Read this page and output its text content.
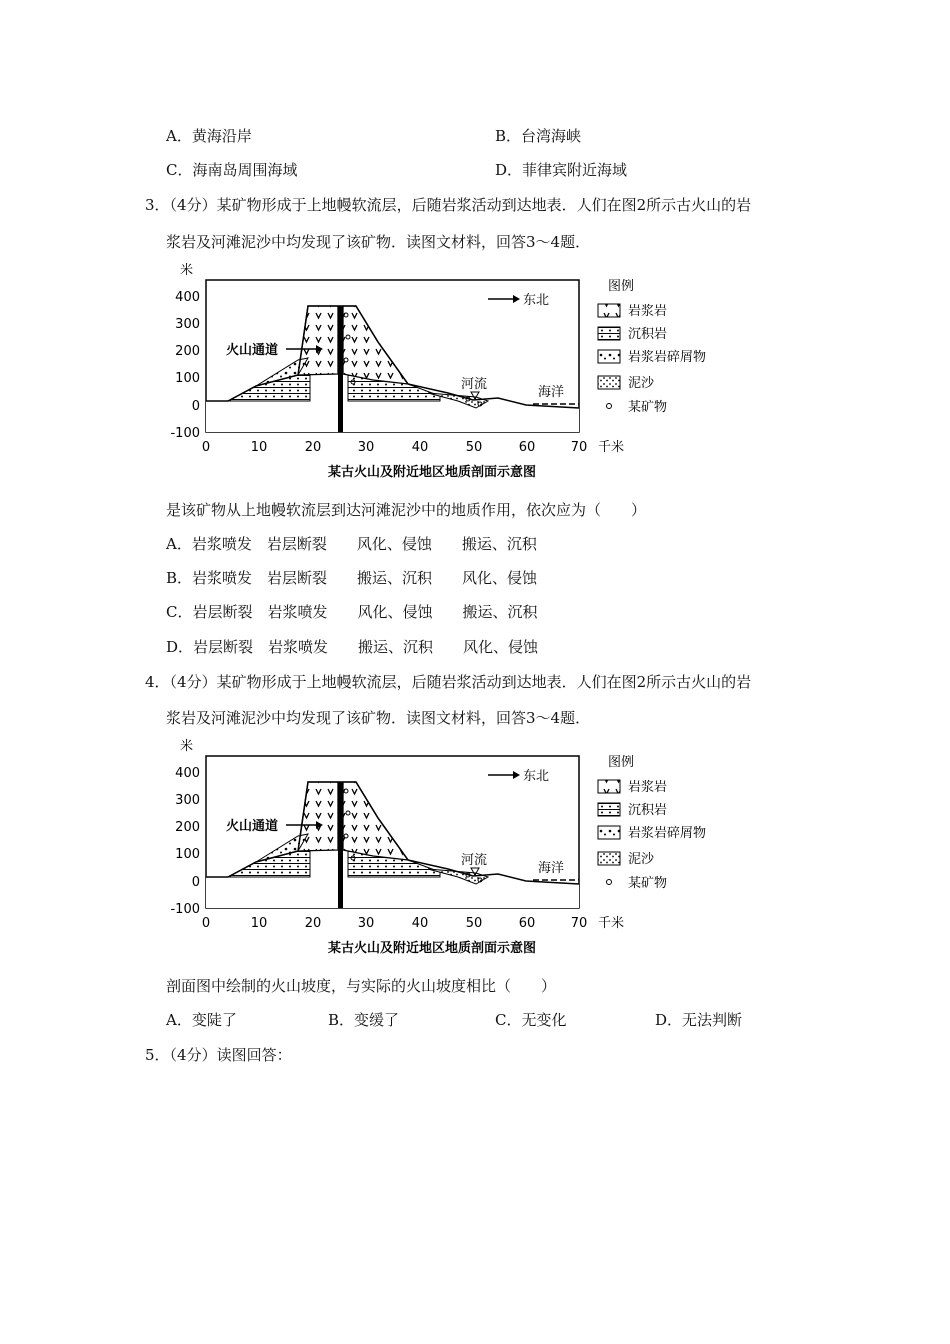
A．黄海沿岸	B．台湾海峡
C．海南岛周围海域	D．菲律宾附近海域
3．（4分）某矿物形成于上地幔软流层，后随岩浆活动到达地表．人们在图2所示古火山的岩
浆岩及河滩泥沙中均发现了该矿物．读图文材料，回答3～4题．
米
400
300
200
100
0
-100
0	10	20	30	40	50	60	70 千米
火山通道
河流
海洋
东北
图例
岩浆岩
沉积岩
岩浆岩碎屑物
泥沙
某矿物
某古火山及附近地区地质剖面示意图
是该矿物从上地幔软流层到达河滩泥沙中的地质作用，依次应为（　　）
A．岩浆喷发　岩层断裂　　风化、侵蚀　　搬运、沉积
B．岩浆喷发　岩层断裂　　搬运、沉积　　风化、侵蚀
C．岩层断裂　岩浆喷发　　风化、侵蚀　　搬运、沉积
D．岩层断裂　岩浆喷发　　搬运、沉积　　风化、侵蚀
4．（4分）某矿物形成于上地幔软流层，后随岩浆活动到达地表．人们在图2所示古火山的岩
浆岩及河滩泥沙中均发现了该矿物．读图文材料，回答3～4题．
米
400
300
200
100
0
-100
0	10	20	30	40	50	60	70 千米
火山通道
河流
海洋
东北
图例
岩浆岩
沉积岩
岩浆岩碎屑物
泥沙
某矿物
某古火山及附近地区地质剖面示意图
剖面图中绘制的火山坡度，与实际的火山坡度相比（　　）
A．变陡了	B．变缓了	C．无变化	D．无法判断
5．（4分）读图回答：
